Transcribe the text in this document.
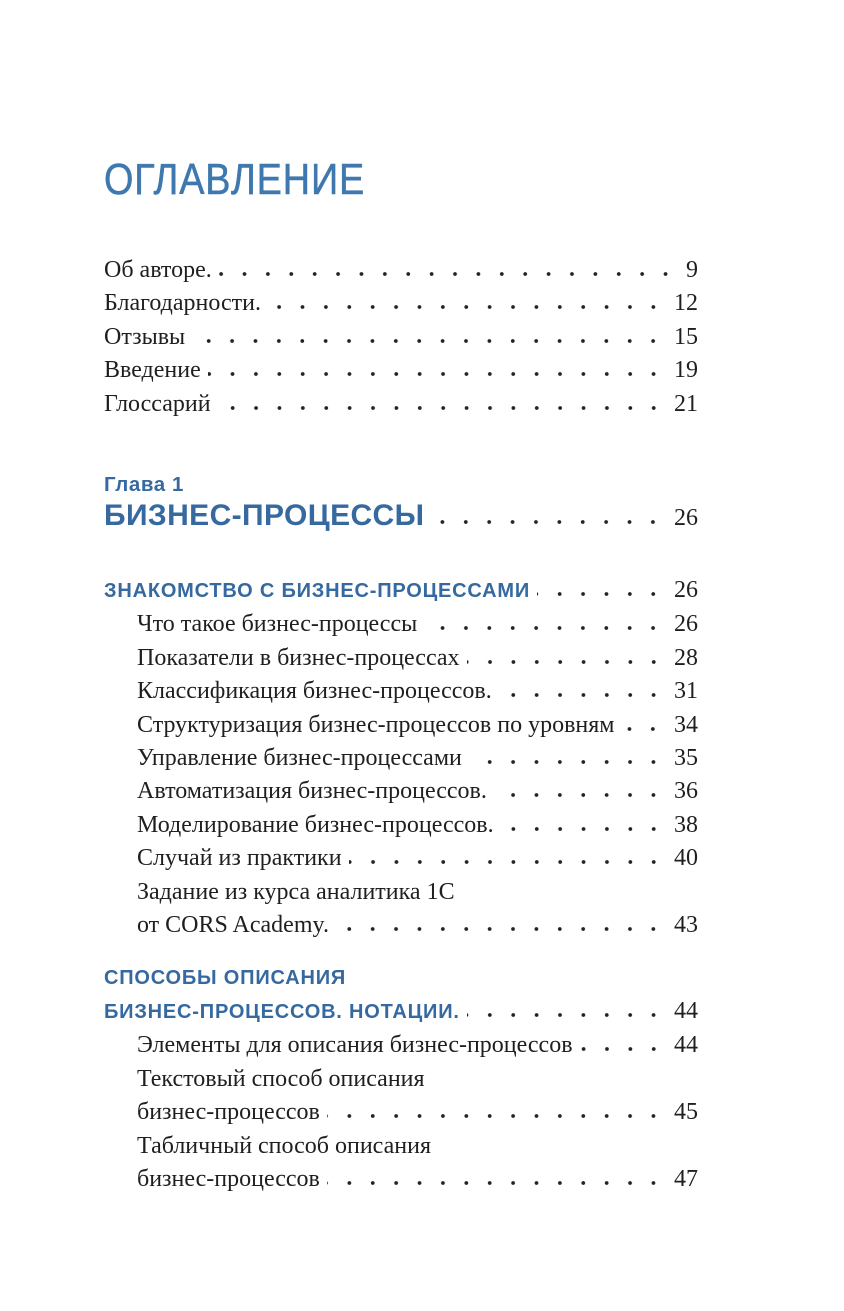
ОГЛАВЛЕНИЕ
Об авторе.	9
Благодарности.	12
Отзывы	15
Введение	19
Глоссарий	21
Глава 1
БИЗНЕС-ПРОЦЕССЫ	26
ЗНАКОМСТВО С БИЗНЕС-ПРОЦЕССАМИ	26
Что такое бизнес-процессы	26
Показатели в бизнес-процессах	28
Классификация бизнес-процессов.	31
Структуризация бизнес-процессов по уровням 34
Управление бизнес-процессами	35
Автоматизация бизнес-процессов.	36
Моделирование бизнес-процессов.	38
Случай из практики	40
Задание из курса аналитика 1С
от CORS Academy.	43
СПОСОБЫ ОПИСАНИЯ
БИЗНЕС-ПРОЦЕССОВ. НОТАЦИИ.	44
Элементы для описания бизнес-процессов	44
Текстовый способ описания
бизнес-процессов	45
Табличный способ описания
бизнес-процессов	47
